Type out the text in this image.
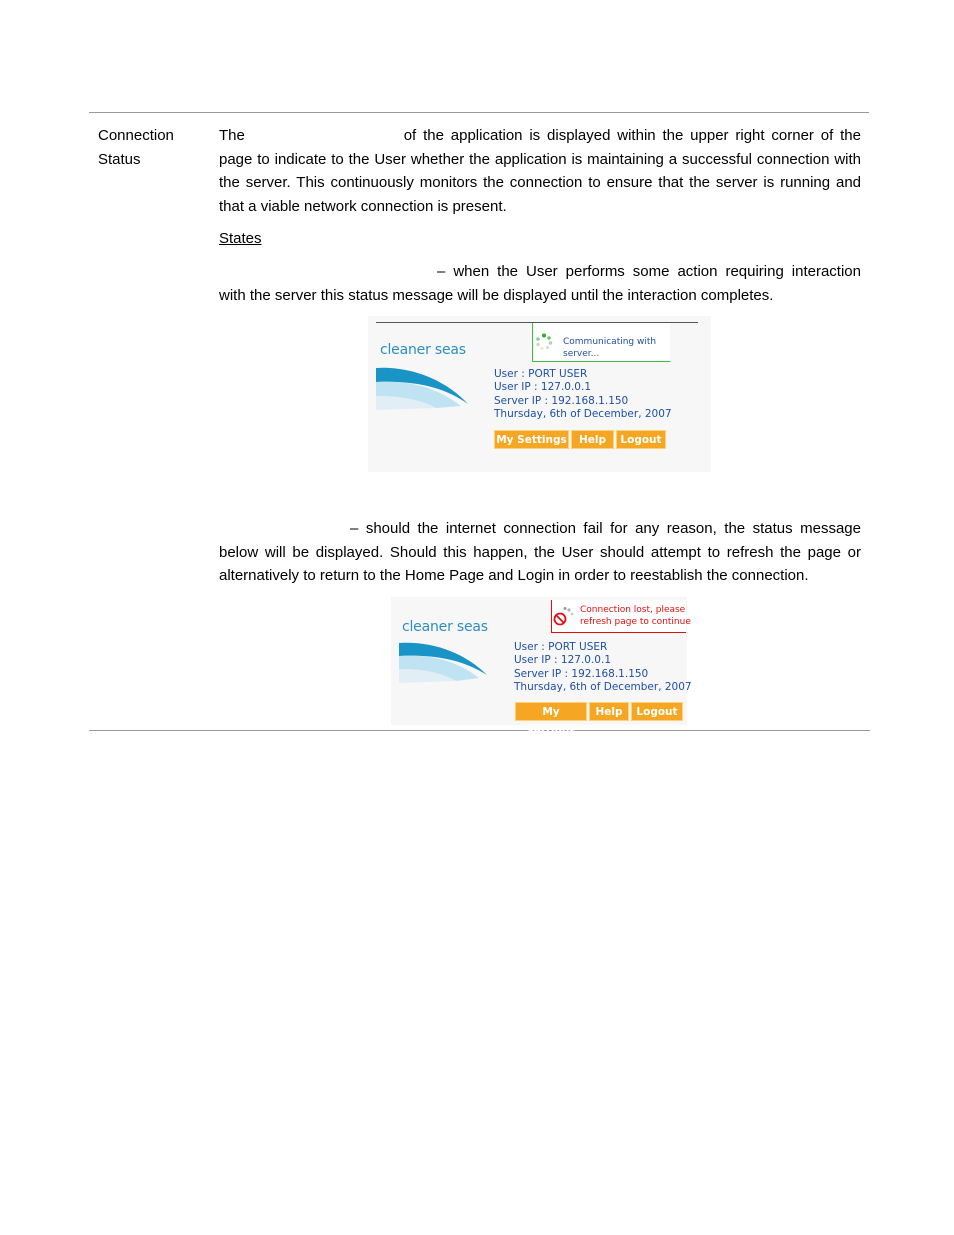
Connection
Status
The	of the application is displayed within the upper right corner of the page to indicate to the User whether the application is maintaining a successful connection with the server. This continuously monitors the connection to ensure that the server is running and that a viable network connection is present.
States
– when the User performs some action requiring interaction with the server this status message will be displayed until the interaction completes.
Communicating with
server...
cleaner seas
User : PORT USER
User IP : 127.0.0.1
Server IP : 192.168.1.150
Thursday, 6th of December, 2007
My Settings	Help	Logout
– should the internet connection fail for any reason, the status message below will be displayed. Should this happen, the User should attempt to refresh the page or alternatively to return to the Home Page and Login in order to reestablish the connection.
Connection lost, please
refresh page to continue
cleaner seas
User : PORT USER
User IP : 127.0.0.1
Server IP : 192.168.1.150
Thursday, 6th of December, 2007
My Settings
Help	Logout
